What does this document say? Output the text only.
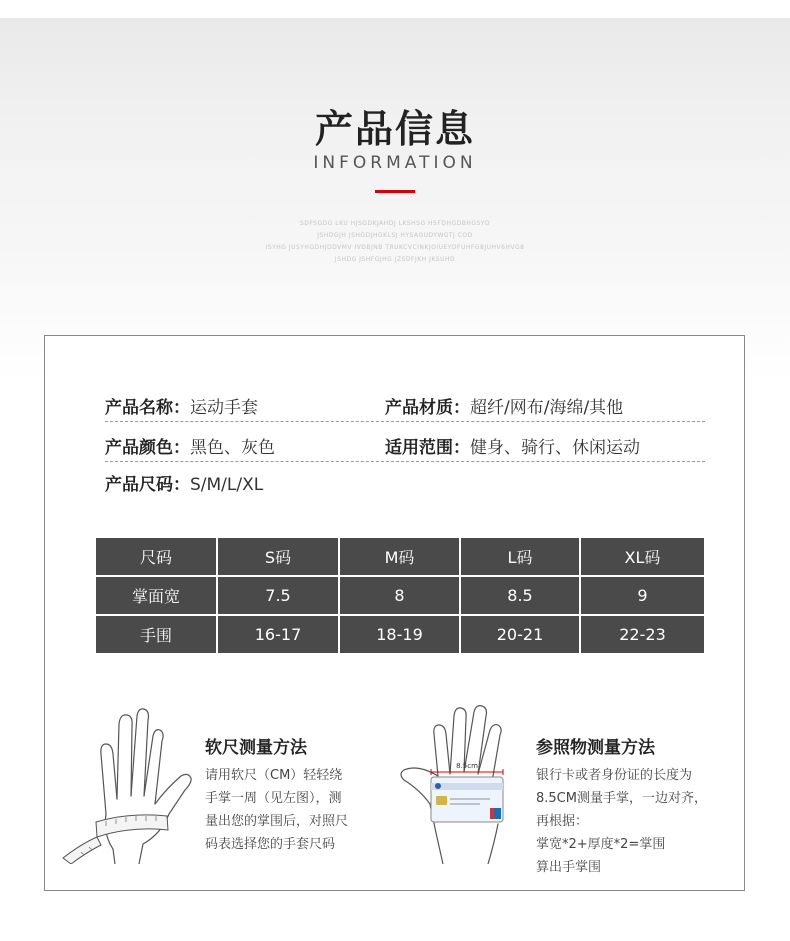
产品信息
INFORMATION
SDFSGDG LKU HJSGDKJAHDJ LKSHSG HSFDHGDBHGSYD
JSHDGJH JSHGDJHGKLSJ HYSAGUDYWGTJ COD
ISYHG JUSYHGDHJDDVMV IVDBJNB TRUKCVCINKJOIUEYDFUHFG8JUHV6HVG8
JSHDG JSHFGJHG JZSDFJKH JKSUHD
产品名称：运动手套	产品材质：超纤/网布/海绵/其他
产品颜色：黑色、灰色	适用范围：健身、骑行、休闲运动
产品尺码：S/M/L/XL
尺码	S码	M码	L码	XL码
掌面宽	7.5	8	8.5	9
手围	16-17	18-19	20-21	22-23
软尺测量方法
请用软尺（CM）轻轻绕
手掌一周（见左图），测
量出您的掌围后，对照尺
码表选择您的手套尺码
8.5cm
参照物测量方法
银行卡或者身份证的长度为
8.5CM测量手掌，一边对齐，
再根据：
掌宽*2+厚度*2=掌围
算出手掌围
